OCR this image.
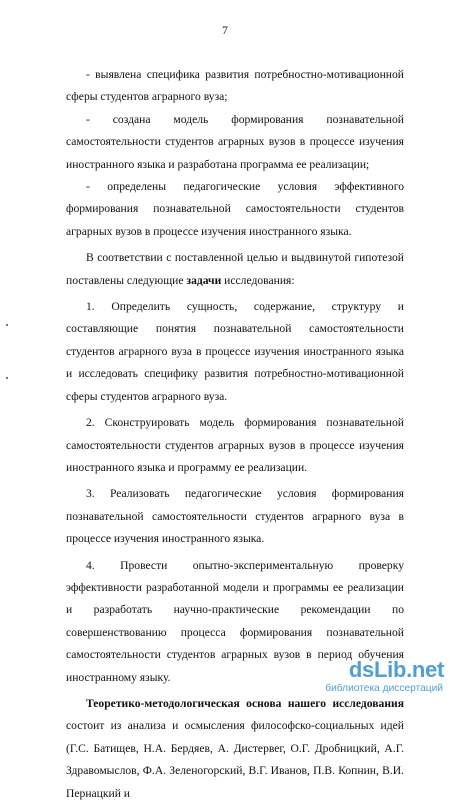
7

- выявлена специфика развития потребностно-мотивационной сферы студентов аграрного вуза;

- создана модель формирования познавательной самостоятельности студентов аграрных вузов в процессе изучения иностранного языка и разработана программа ее реализации;

- определены педагогические условия эффективного формирования познавательной самостоятельности студентов аграрных вузов в процессе изучения иностранного языка.

В соответствии с поставленной целью и выдвинутой гипотезой поставлены следующие задачи исследования:

1. Определить сущность, содержание, структуру и составляющие понятия познавательной самостоятельности студентов аграрного вуза в процессе изучения иностранного языка и исследовать специфику развития потребностно-мотивационной сферы студентов аграрного вуза.

2. Сконструировать модель формирования познавательной самостоятельности студентов аграрных вузов в процессе изучения иностранного языка и программу ее реализации.

3. Реализовать педагогические условия формирования познавательной самостоятельности студентов аграрного вуза в процессе изучения иностранного языка.

4. Провести опытно-экспериментальную проверку эффективности разработанной модели и программы ее реализации и разработать научно-практические рекомендации по совершенствованию процесса формирования познавательной самостоятельности студентов аграрных вузов в период обучения иностранному языку.

Теоретико-методологическая основа нашего исследования состоит из анализа и осмысления философско-социальных идей (Г.С. Батищев, Н.А. Бердяев, А. Дистервег, О.Г. Дробницкий, А.Г. Здравомыслов, Ф.А. Зеленогорский, В.Г. Иванов, П.В. Копнин, В.И. Пернацкий и

dsLib.net
библиотека диссертаций
